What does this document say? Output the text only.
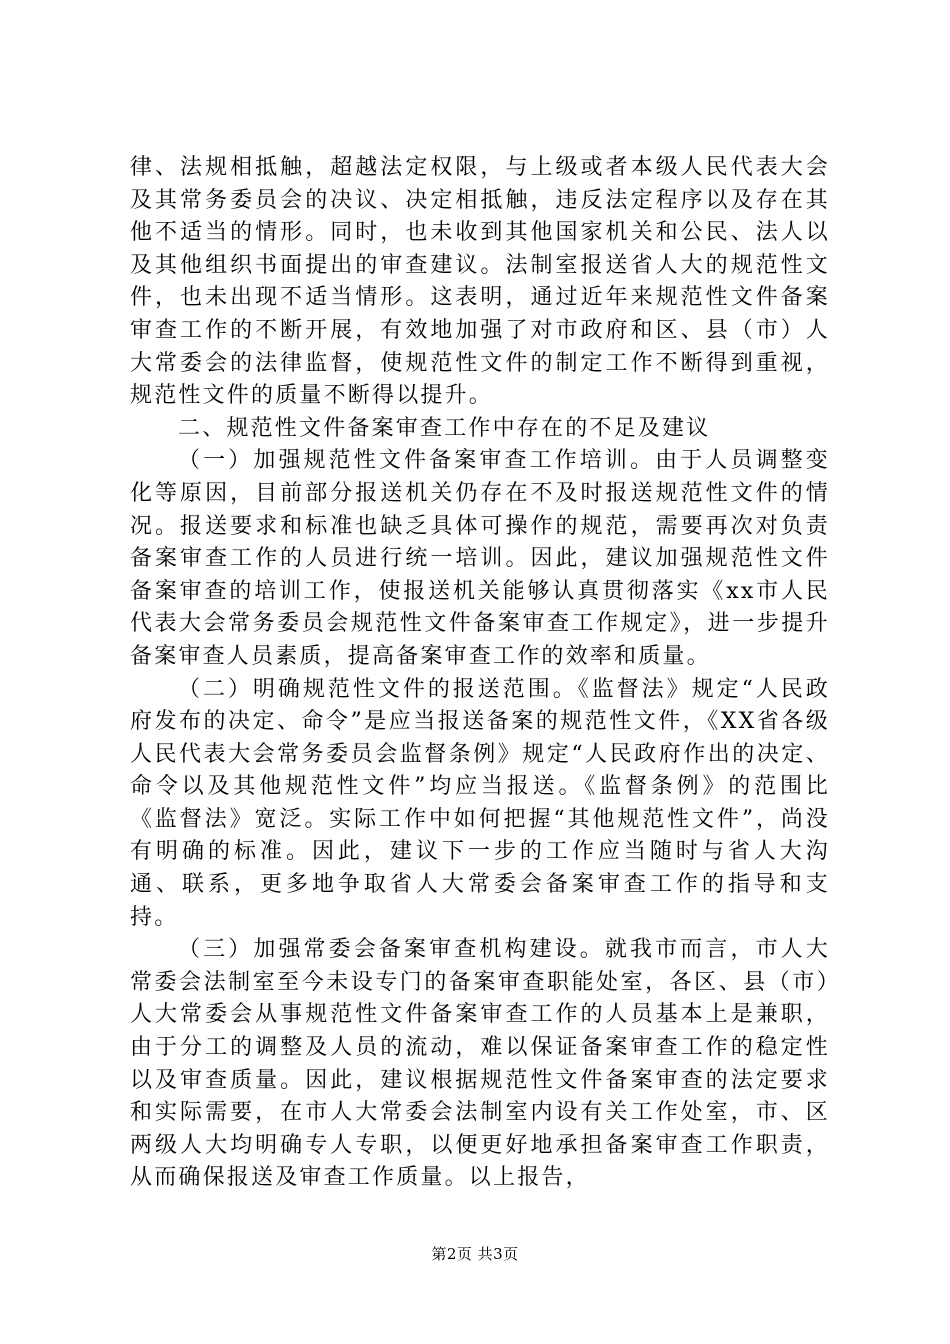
律、法规相抵触，超越法定权限，与上级或者本级人民代表大会及其常务委员会的决议、决定相抵触，违反法定程序以及存在其他不适当的情形。同时，也未收到其他国家机关和公民、法人以及其他组织书面提出的审查建议。法制室报送省人大的规范性文件，也未出现不适当情形。这表明，通过近年来规范性文件备案审查工作的不断开展，有效地加强了对市政府和区、县（市）人大常委会的法律监督，使规范性文件的制定工作不断得到重视，规范性文件的质量不断得以提升。

二、规范性文件备案审查工作中存在的不足及建议

（一）加强规范性文件备案审查工作培训。由于人员调整变化等原因，目前部分报送机关仍存在不及时报送规范性文件的情况。报送要求和标准也缺乏具体可操作的规范，需要再次对负责备案审查工作的人员进行统一培训。因此，建议加强规范性文件备案审查的培训工作，使报送机关能够认真贯彻落实《xx市人民代表大会常务委员会规范性文件备案审查工作规定》，进一步提升备案审查人员素质，提高备案审查工作的效率和质量。

（二）明确规范性文件的报送范围。《监督法》规定“人民政府发布的决定、命令”是应当报送备案的规范性文件，《XX省各级人民代表大会常务委员会监督条例》规定“人民政府作出的决定、命令以及其他规范性文件”均应当报送。《监督条例》的范围比《监督法》宽泛。实际工作中如何把握“其他规范性文件”，尚没有明确的标准。因此，建议下一步的工作应当随时与省人大沟通、联系，更多地争取省人大常委会备案审查工作的指导和支持。

（三）加强常委会备案审查机构建设。就我市而言，市人大常委会法制室至今未设专门的备案审查职能处室，各区、县（市）人大常委会从事规范性文件备案审查工作的人员基本上是兼职，由于分工的调整及人员的流动，难以保证备案审查工作的稳定性以及审查质量。因此，建议根据规范性文件备案审查的法定要求和实际需要，在市人大常委会法制室内设有关工作处室，市、区两级人大均明确专人专职，以便更好地承担备案审查工作职责，从而确保报送及审查工作质量。以上报告，

第2页 共3页
